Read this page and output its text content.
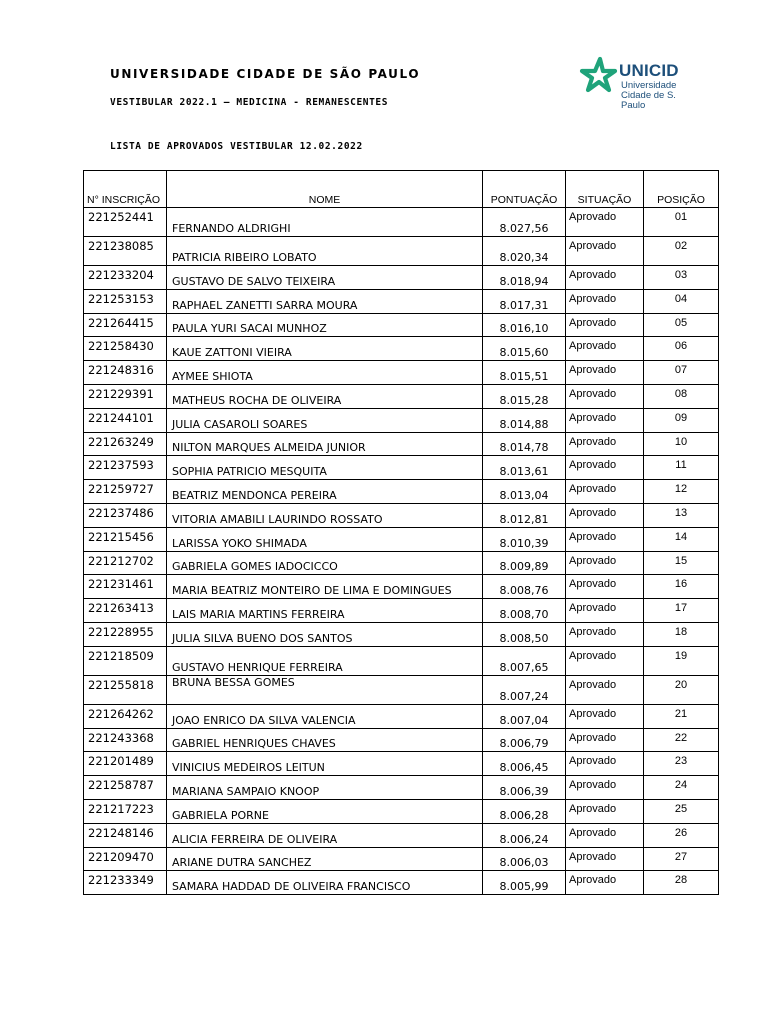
UNIVERSIDADE CIDADE DE SÃO PAULO
VESTIBULAR 2022.1 – MEDICINA - REMANESCENTES
LISTA DE APROVADOS VESTIBULAR 12.02.2022
UNICID
Universidade
Cidade de S. Paulo
N° INSCRIÇÃO	NOME	PONTUAÇÃO	SITUAÇÃO	POSIÇÃO
221252441	FERNANDO ALDRIGHI	8.027,56	Aprovado	01
221238085	PATRICIA RIBEIRO LOBATO	8.020,34	Aprovado	02
221233204	GUSTAVO DE SALVO TEIXEIRA	8.018,94	Aprovado	03
221253153	RAPHAEL ZANETTI SARRA MOURA	8.017,31	Aprovado	04
221264415	PAULA YURI SACAI MUNHOZ	8.016,10	Aprovado	05
221258430	KAUE ZATTONI VIEIRA	8.015,60	Aprovado	06
221248316	AYMEE SHIOTA	8.015,51	Aprovado	07
221229391	MATHEUS ROCHA DE OLIVEIRA	8.015,28	Aprovado	08
221244101	JULIA CASAROLI SOARES	8.014,88	Aprovado	09
221263249	NILTON MARQUES ALMEIDA JUNIOR	8.014,78	Aprovado	10
221237593	SOPHIA PATRICIO MESQUITA	8.013,61	Aprovado	11
221259727	BEATRIZ MENDONCA PEREIRA	8.013,04	Aprovado	12
221237486	VITORIA AMABILI LAURINDO ROSSATO	8.012,81	Aprovado	13
221215456	LARISSA YOKO SHIMADA	8.010,39	Aprovado	14
221212702	GABRIELA GOMES IADOCICCO	8.009,89	Aprovado	15
221231461	MARIA BEATRIZ MONTEIRO DE LIMA E DOMINGUES	8.008,76	Aprovado	16
221263413	LAIS MARIA MARTINS FERREIRA	8.008,70	Aprovado	17
221228955	JULIA SILVA BUENO DOS SANTOS	8.008,50	Aprovado	18
221218509	GUSTAVO HENRIQUE FERREIRA	8.007,65	Aprovado	19
221255818	BRUNA BESSA GOMES	8.007,24	Aprovado	20
221264262	JOAO ENRICO DA SILVA VALENCIA	8.007,04	Aprovado	21
221243368	GABRIEL HENRIQUES CHAVES	8.006,79	Aprovado	22
221201489	VINICIUS MEDEIROS LEITUN	8.006,45	Aprovado	23
221258787	MARIANA SAMPAIO KNOOP	8.006,39	Aprovado	24
221217223	GABRIELA PORNE	8.006,28	Aprovado	25
221248146	ALICIA FERREIRA DE OLIVEIRA	8.006,24	Aprovado	26
221209470	ARIANE DUTRA SANCHEZ	8.006,03	Aprovado	27
221233349	SAMARA HADDAD DE OLIVEIRA FRANCISCO	8.005,99	Aprovado	28
